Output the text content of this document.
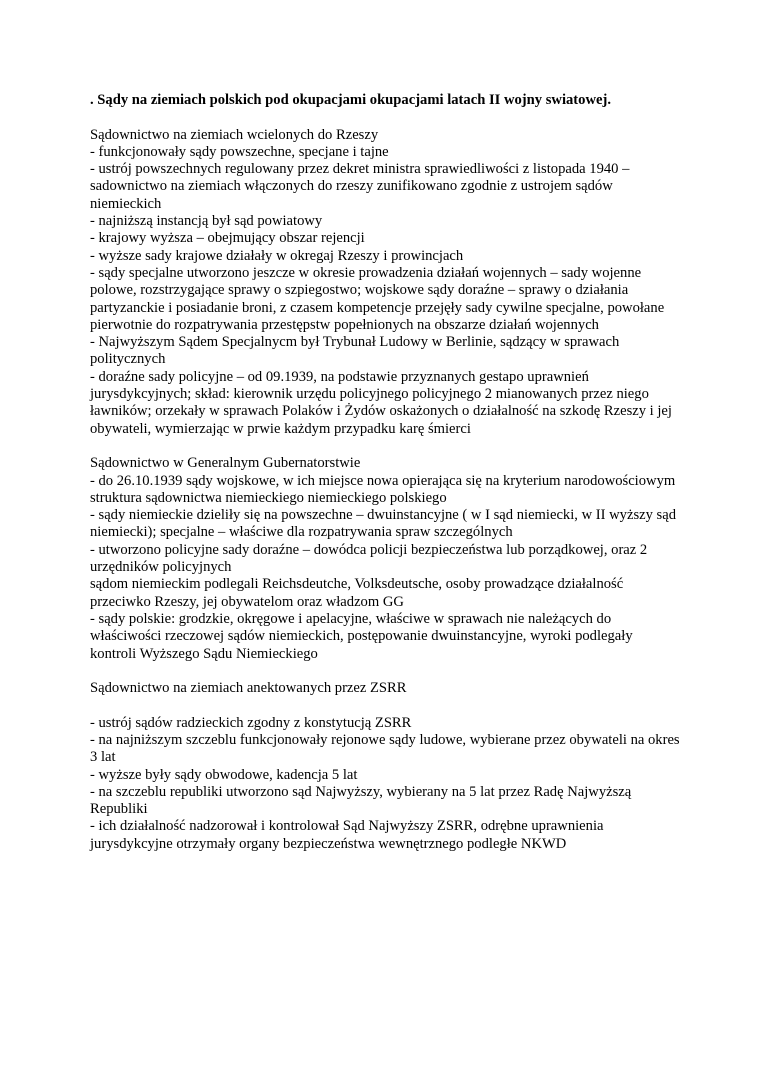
. Sądy na ziemiach polskich pod okupacjami okupacjami latach II wojny swiatowej.

Sądownictwo na ziemiach wcielonych do Rzeszy

- funkcjonowały sądy powszechne, specjane i tajne

- ustrój powszechnych regulowany przez dekret ministra sprawiedliwości z listopada 1940 – sadownictwo na ziemiach włączonych do rzeszy zunifikowano zgodnie z ustrojem sądów niemieckich

- najniższą instancją był sąd powiatowy

- krajowy wyższa – obejmujący obszar rejencji

- wyższe sady krajowe działały w okregaj Rzeszy i prowincjach

- sądy specjalne utworzono jeszcze w okresie prowadzenia działań wojennych – sady wojenne polowe, rozstrzygające sprawy o szpiegostwo; wojskowe sądy doraźne – sprawy o działania partyzanckie i posiadanie broni, z czasem kompetencje przejęły sady cywilne specjalne, powołane pierwotnie do rozpatrywania przestępstw popełnionych na obszarze działań wojennych

- Najwyższym Sądem Specjalnycm był Trybunał Ludowy w Berlinie, sądzący w sprawach politycznych

- doraźne sady policyjne – od 09.1939, na podstawie przyznanych gestapo uprawnień jurysdykcyjnych; skład: kierownik urzędu policyjnego policyjnego 2 mianowanych przez niego ławników; orzekały w sprawach Polaków i Żydów oskażonych o działalność na szkodę Rzeszy i jej obywateli, wymierzając w prwie każdym przypadku karę śmierci

Sądownictwo w Generalnym Gubernatorstwie

- do 26.10.1939 sądy wojskowe, w ich miejsce nowa opierająca się na kryterium narodowościowym struktura sądownictwa niemieckiego niemieckiego polskiego

- sądy niemieckie dzieliły się na powszechne – dwuinstancyjne ( w I sąd niemiecki, w II wyższy sąd niemiecki); specjalne – właściwe dla rozpatrywania spraw szczególnych

- utworzono policyjne sady doraźne – dowódca policji bezpieczeństwa lub porządkowej, oraz 2 urzędników policyjnych

sądom niemieckim podlegali Reichsdeutche, Volksdeutsche, osoby prowadzące działalność przeciwko Rzeszy, jej obywatelom oraz władzom GG

- sądy polskie: grodzkie, okręgowe i apelacyjne, właściwe w sprawach nie należących do właściwości rzeczowej sądów niemieckich, postępowanie dwuinstancyjne, wyroki podlegały kontroli Wyższego Sądu Niemieckiego

Sądownictwo na ziemiach anektowanych przez ZSRR

- ustrój sądów radzieckich zgodny z konstytucją ZSRR

- na najniższym szczeblu funkcjonowały rejonowe sądy ludowe, wybierane przez obywateli na okres 3 lat

- wyższe były sądy obwodowe, kadencja 5 lat

- na szczeblu republiki utworzono sąd Najwyższy, wybierany na 5 lat przez Radę Najwyższą Republiki

- ich działalność nadzorował i kontrolował Sąd Najwyższy ZSRR, odrębne uprawnienia jurysdykcyjne otrzymały organy bezpieczeństwa wewnętrznego podległe NKWD
